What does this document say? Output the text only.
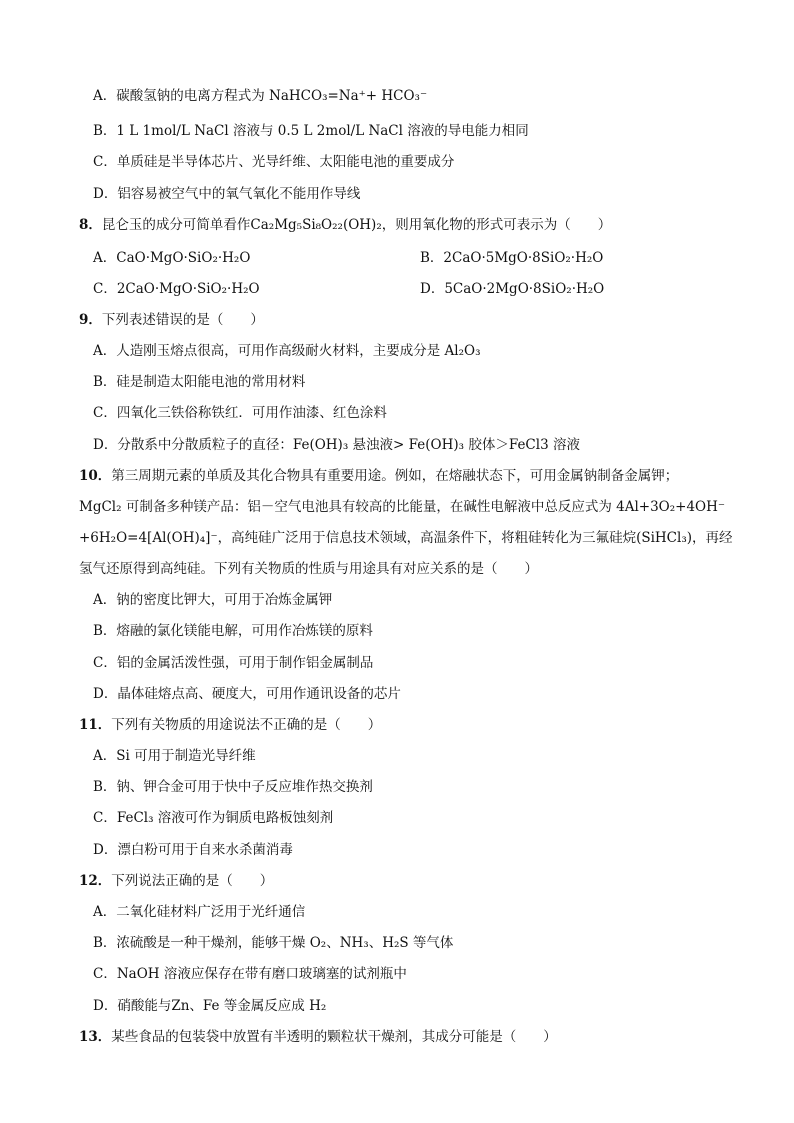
A．碳酸氢钠的电离方程式为 NaHCO₃=Na⁺+ HCO₃⁻
B．1 L 1mol/L NaCl 溶液与 0.5 L 2mol/L NaCl 溶液的导电能力相同
C．单质硅是半导体芯片、光导纤维、太阳能电池的重要成分
D．铝容易被空气中的氧气氧化不能用作导线
8．昆仑玉的成分可简单看作Ca₂Mg₅Si₈O₂₂(OH)₂，则用氧化物的形式可表示为（　　）
A．CaO·MgO·SiO₂·H₂O	B．2CaO·5MgO·8SiO₂·H₂O
C．2CaO·MgO·SiO₂·H₂O	D．5CaO·2MgO·8SiO₂·H₂O
9．下列表述错误的是（　　）
A．人造刚玉熔点很高，可用作高级耐火材料，主要成分是 Al₂O₃
B．硅是制造太阳能电池的常用材料
C．四氧化三铁俗称铁红．可用作油漆、红色涂料
D．分散系中分散质粒子的直径：Fe(OH)₃ 悬浊液> Fe(OH)₃ 胶体＞FeCl3 溶液
10．第三周期元素的单质及其化合物具有重要用途。例如，在熔融状态下，可用金属钠制备金属钾；
MgCl₂ 可制备多种镁产品：铝－空气电池具有较高的比能量，在碱性电解液中总反应式为 4Al+3O₂+4OH⁻
+6H₂O=4[Al(OH)₄]⁻，高纯硅广泛用于信息技术领域，高温条件下，将粗硅转化为三氟硅烷(SiHCl₃)，再经
氢气还原得到高纯硅。下列有关物质的性质与用途具有对应关系的是（　　）
A．钠的密度比钾大，可用于冶炼金属钾
B．熔融的氯化镁能电解，可用作冶炼镁的原料
C．铝的金属活泼性强，可用于制作铝金属制品
D．晶体硅熔点高、硬度大，可用作通讯设备的芯片
11．下列有关物质的用途说法不正确的是（　　）
A．Si 可用于制造光导纤维
B．钠、钾合金可用于快中子反应堆作热交换剂
C．FeCl₃ 溶液可作为铜质电路板蚀刻剂
D．漂白粉可用于自来水杀菌消毒
12．下列说法正确的是（　　）
A．二氧化硅材料广泛用于光纤通信
B．浓硫酸是一种干燥剂，能够干燥 O₂、NH₃、H₂S 等气体
C．NaOH 溶液应保存在带有磨口玻璃塞的试剂瓶中
D．硝酸能与Zn、Fe 等金属反应成 H₂
13．某些食品的包装袋中放置有半透明的颗粒状干燥剂，其成分可能是（　　）
